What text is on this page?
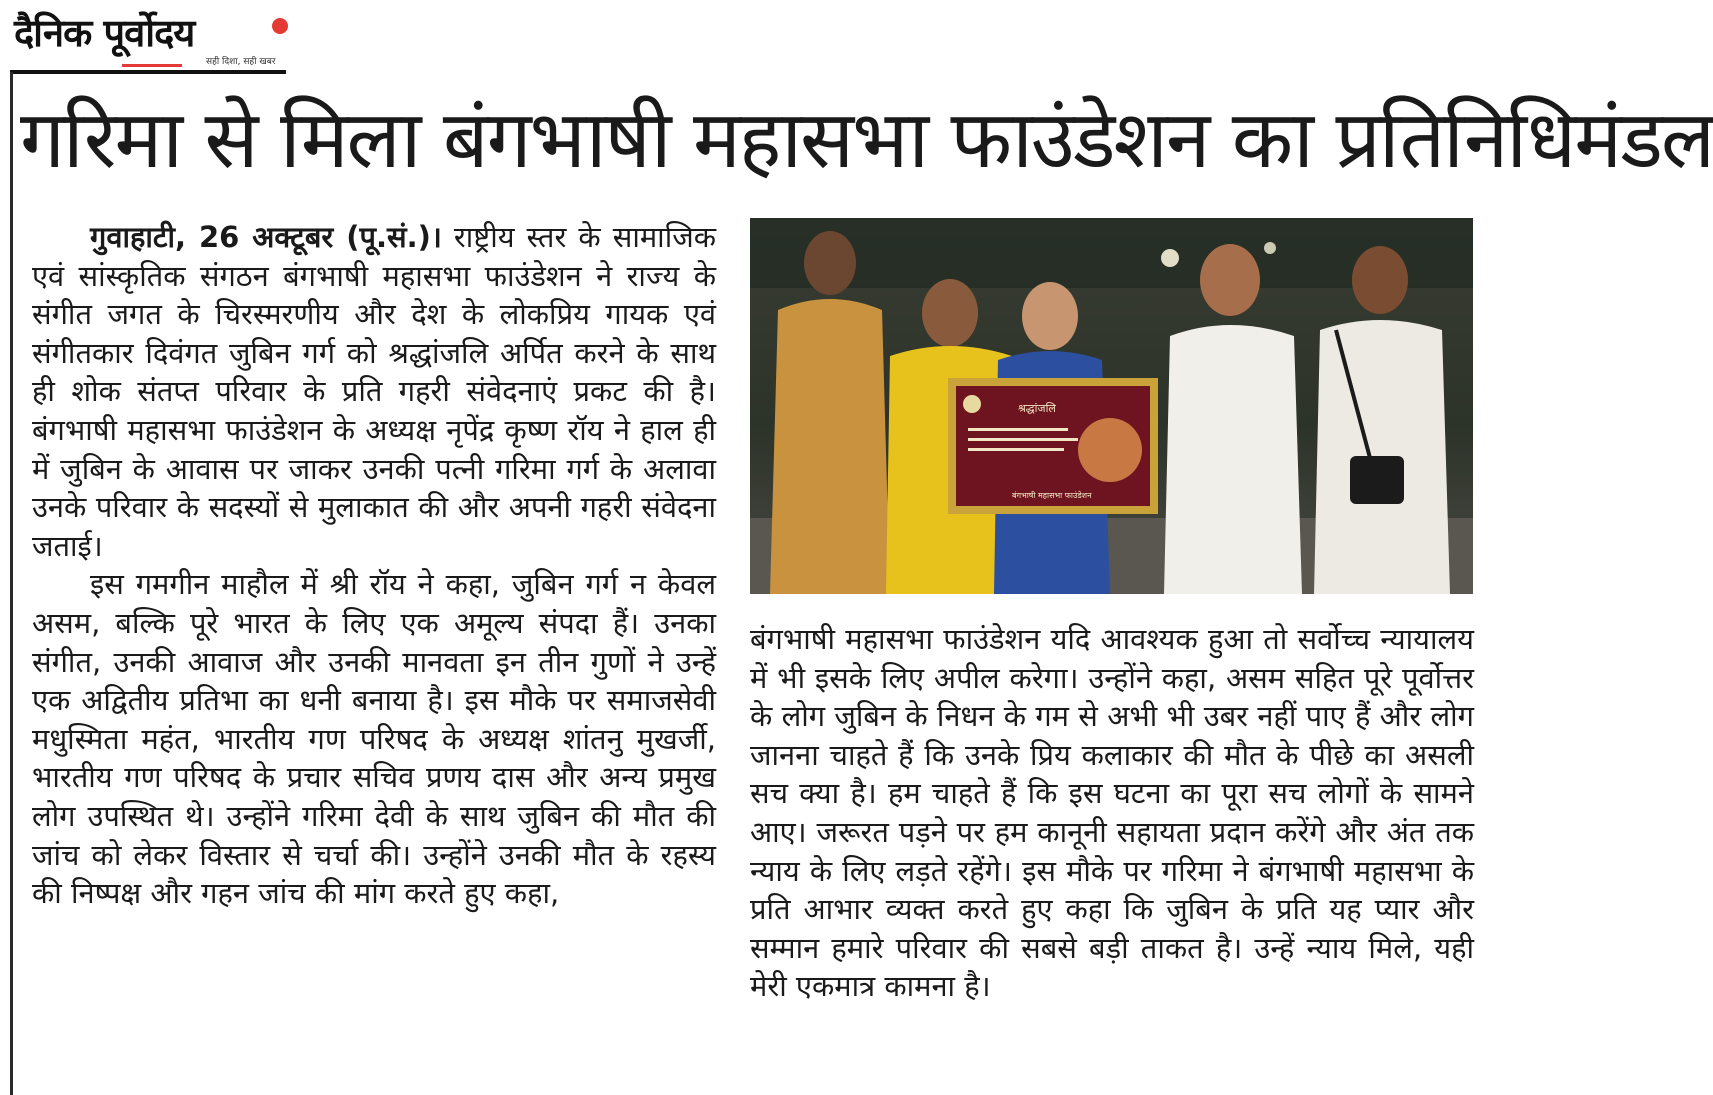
दैनिक पूर्वोदय
सही दिशा, सही खबर
गरिमा से मिला बंगभाषी महासभा फाउंडेशन का प्रतिनिधिमंडल

गुवाहाटी, 26 अक्टूबर (पू.सं.)। राष्ट्रीय स्तर के सामाजिक एवं सांस्कृतिक संगठन बंगभाषी महासभा फाउंडेशन ने राज्य के संगीत जगत के चिरस्मरणीय और देश के लोकप्रिय गायक एवं संगीतकार दिवंगत जुबिन गर्ग को श्रद्धांजलि अर्पित करने के साथ ही शोक संतप्त परिवार के प्रति गहरी संवेदनाएं प्रकट की है। बंगभाषी महासभा फाउंडेशन के अध्यक्ष नृपेंद्र कृष्ण रॉय ने हाल ही में जुबिन के आवास पर जाकर उनकी पत्नी गरिमा गर्ग के अलावा उनके परिवार के सदस्यों से मुलाकात की और अपनी गहरी संवेदना जताई।

इस गमगीन माहौल में श्री रॉय ने कहा, जुबिन गर्ग न केवल असम, बल्कि पूरे भारत के लिए एक अमूल्य संपदा हैं। उनका संगीत, उनकी आवाज और उनकी मानवता इन तीन गुणों ने उन्हें एक अद्वितीय प्रतिभा का धनी बनाया है। इस मौके पर समाजसेवी मधुस्मिता महंत, भारतीय गण परिषद के अध्यक्ष शांतनु मुखर्जी, भारतीय गण परिषद के प्रचार सचिव प्रणय दास और अन्य प्रमुख लोग उपस्थित थे। उन्होंने गरिमा देवी के साथ जुबिन की मौत की जांच को लेकर विस्तार से चर्चा की। उन्होंने उनकी मौत के रहस्य की निष्पक्ष और गहन जांच की मांग करते हुए कहा,

श्रद्धांजलि
बंगभाषी महासभा फाउंडेशन

बंगभाषी महासभा फाउंडेशन यदि आवश्यक हुआ तो सर्वोच्च न्यायालय में भी इसके लिए अपील करेगा। उन्होंने कहा, असम सहित पूरे पूर्वोत्तर के लोग जुबिन के निधन के गम से अभी भी उबर नहीं पाए हैं और लोग जानना चाहते हैं कि उनके प्रिय कलाकार की मौत के पीछे का असली सच क्या है। हम चाहते हैं कि इस घटना का पूरा सच लोगों के सामने आए। जरूरत पड़ने पर हम कानूनी सहायता प्रदान करेंगे और अंत तक न्याय के लिए लड़ते रहेंगे। इस मौके पर गरिमा ने बंगभाषी महासभा के प्रति आभार व्यक्त करते हुए कहा कि जुबिन के प्रति यह प्यार और सम्मान हमारे परिवार की सबसे बड़ी ताकत है। उन्हें न्याय मिले, यही मेरी एकमात्र कामना है।
